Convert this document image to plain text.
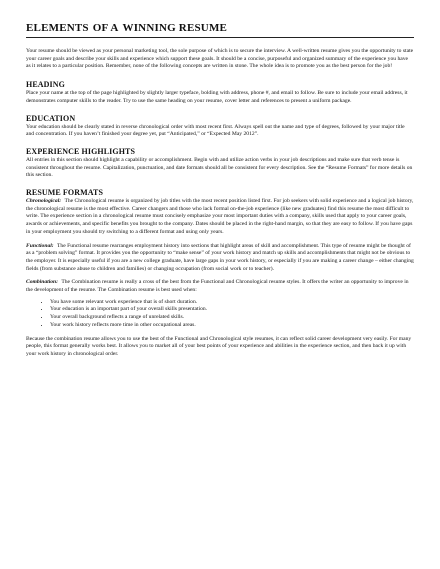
ELEMENTS OF A WINNING RESUME

Your resume should be viewed as your personal marketing tool, the sole purpose of which is to secure the interview. A well-written resume gives you the opportunity to state your career goals and describe your skills and experience which support these goals. It should be a concise, purposeful and organized summary of the experience you have as it relates to a particular position. Remember, none of the following concepts are written in stone. The whole idea is to promote you as the best person for the job!

HEADING

Place your name at the top of the page highlighted by slightly larger typeface, bolding with address, phone #, and email to follow. Be sure to include your email address, it demonstrates computer skills to the reader. Try to use the same heading on your resume, cover letter and references to present a uniform package.

EDUCATION

Your education should be clearly stated in reverse chronological order with most recent first. Always spell out the name and type of degrees, followed by your major title and concentration. If you haven’t finished your degree yet, put “Anticipated,” or “Expected May 2012”.

EXPERIENCE HIGHLIGHTS

All entries in this section should highlight a capability or accomplishment. Begin with and utilize action verbs in your job descriptions and make sure that verb tense is consistent throughout the resume. Capitalization, punctuation, and date formats should all be consistent for every description. See the “Resume Formats” for more details on this section.

RESUME FORMATS

Chronological: The Chronological resume is organized by job titles with the most recent position listed first. For job seekers with solid experience and a logical job history, the chronological resume is the most effective. Career changers and those who lack formal on-the-job experience (like new graduates) find this resume the most difficult to write. The experience section in a chronological resume must concisely emphasize your most important duties with a company, skills used that apply to your career goals, awards or achievements, and specific benefits you brought to the company. Dates should be placed in the right-hand margin, so that they are easy to follow. If you have gaps in your employment you should try switching to a different format and using only years.

Functional: The Functional resume rearranges employment history into sections that highlight areas of skill and accomplishment. This type of resume might be thought of as a “problem solving” format. It provides you the opportunity to “make sense” of your work history and match up skills and accomplishments that might not be obvious to the employer. It is especially useful if you are a new college graduate, have large gaps in your work history, or especially if you are making a career change – either changing fields (from substance abuse to children and families) or changing occupation (from social work or to teacher).

Combination: The Combination resume is really a cross of the best from the Functional and Chronological resume styles. It offers the writer an opportunity to improve in the development of the resume. The Combination resume is best used when:

• You have some relevant work experience that is of short duration.
• Your education is an important part of your overall skills presentation.
• Your overall background reflects a range of unrelated skills.
• Your work history reflects more time in other occupational areas.

Because the combination resume allows you to use the best of the Functional and Chronological style resumes, it can reflect solid career development very easily. For many people, this format generally works best. It allows you to market all of your best points of your experience and abilities in the experience section, and then back it up with your work history in chronological order.
